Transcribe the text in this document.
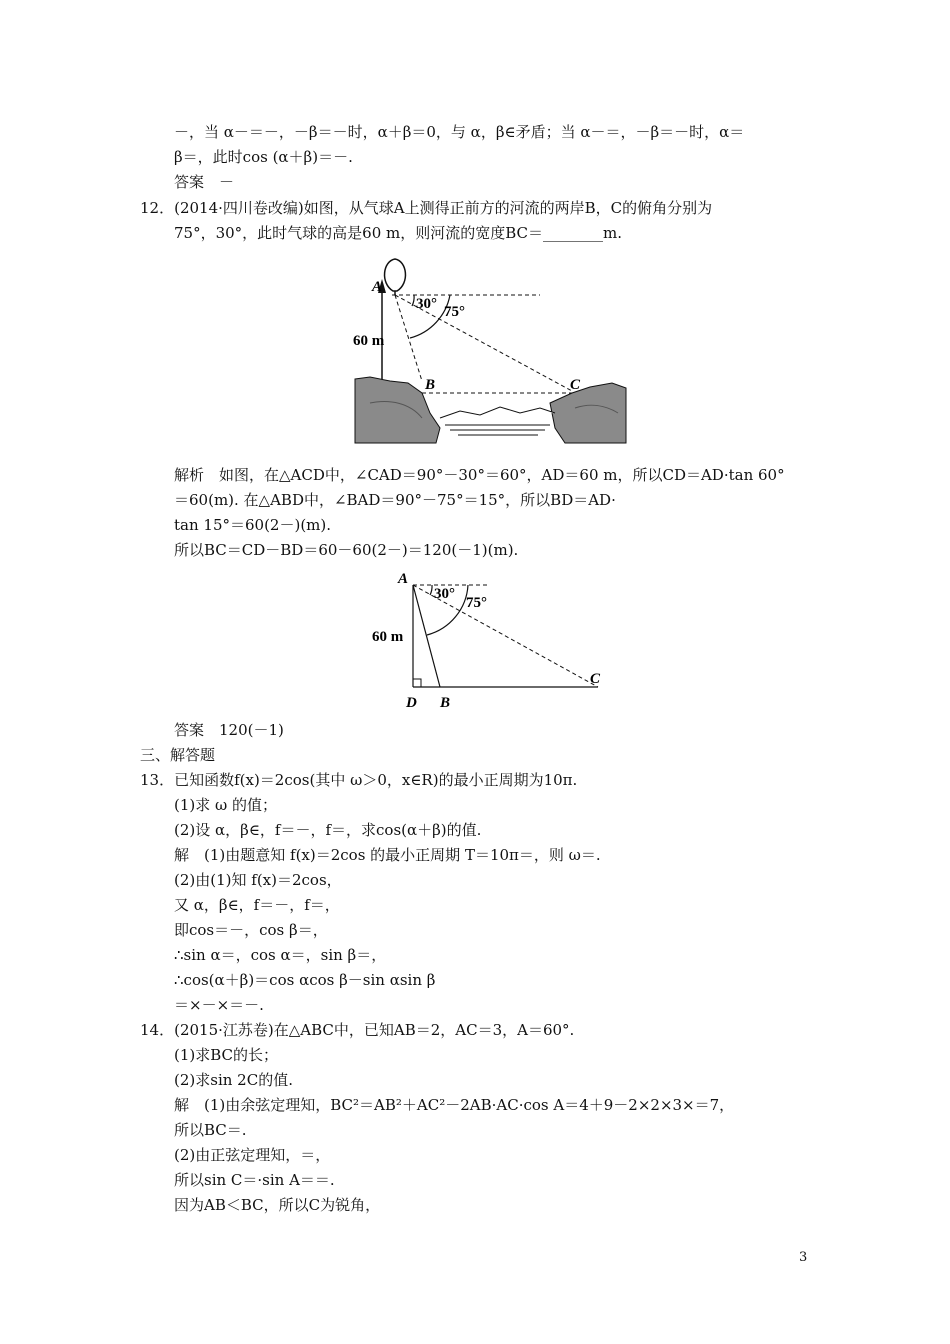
－，当 α－＝－，－β＝－时，α＋β＝0，与 α，β∈矛盾；当 α－＝，－β＝－时，α＝
β＝，此时cos (α＋β)＝－.
答案　－
12．(2014·四川卷改编)如图，从气球A上测得正前方的河流的两岸B，C的俯角分别为
75°，30°，此时气球的高是60 m，则河流的宽度BC＝________m.
A
60 m
30° 75°
B	C
解析　如图，在△ACD中，∠CAD＝90°－30°＝60°，AD＝60 m，所以CD＝AD·tan 60°
＝60(m). 在△ABD中，∠BAD＝90°－75°＝15°，所以BD＝AD·
tan 15°＝60(2－)(m).
所以BC＝CD－BD＝60－60(2－)＝120(－1)(m).
A
30°
75°
60 m
D B
C
答案　120(－1)
三、解答题
13．已知函数f(x)＝2cos(其中 ω＞0，x∈R)的最小正周期为10π.
(1)求 ω 的值；
(2)设 α，β∈，f＝－，f＝，求cos(α＋β)的值.
解　(1)由题意知 f(x)＝2cos 的最小正周期 T＝10π＝，则 ω＝.
(2)由(1)知 f(x)＝2cos，
又 α，β∈，f＝－，f＝，
即cos＝－，cos β＝，
∴sin α＝，cos α＝，sin β＝，
∴cos(α＋β)＝cos αcos β－sin αsin β
＝×－×＝－.
14．(2015·江苏卷)在△ABC中，已知AB＝2，AC＝3，A＝60°.
(1)求BC的长；
(2)求sin 2C的值.
解　(1)由余弦定理知，BC²＝AB²＋AC²－2AB·AC·cos A＝4＋9－2×2×3×＝7，
所以BC＝.
(2)由正弦定理知，＝，
所以sin C＝·sin A＝＝.
因为AB＜BC，所以C为锐角，
3
